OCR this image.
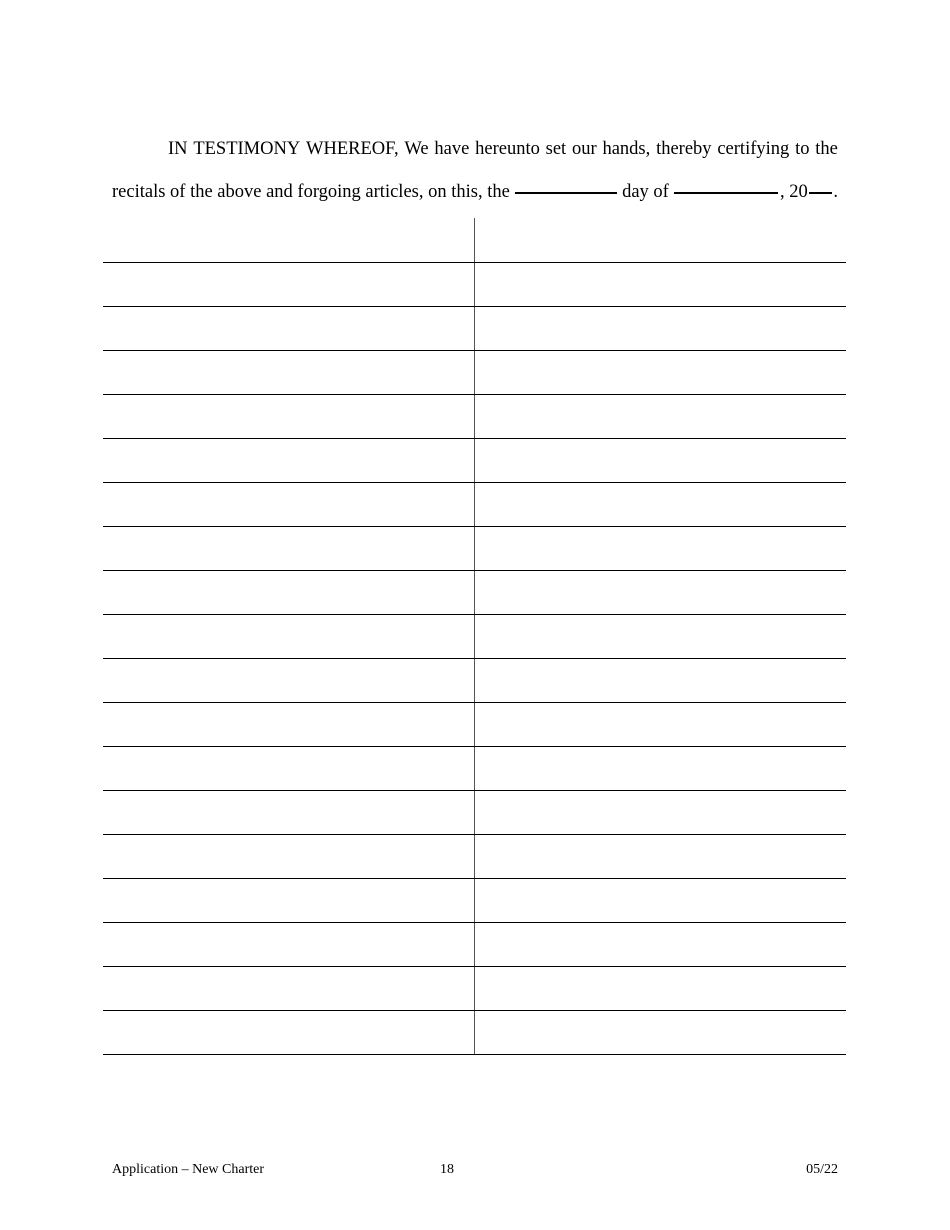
IN TESTIMONY WHEREOF, We have hereunto set our hands, thereby certifying to the
recitals of the above and forgoing articles, on this, the	day of	, 20 .
Application – New Charter	18	05/22
